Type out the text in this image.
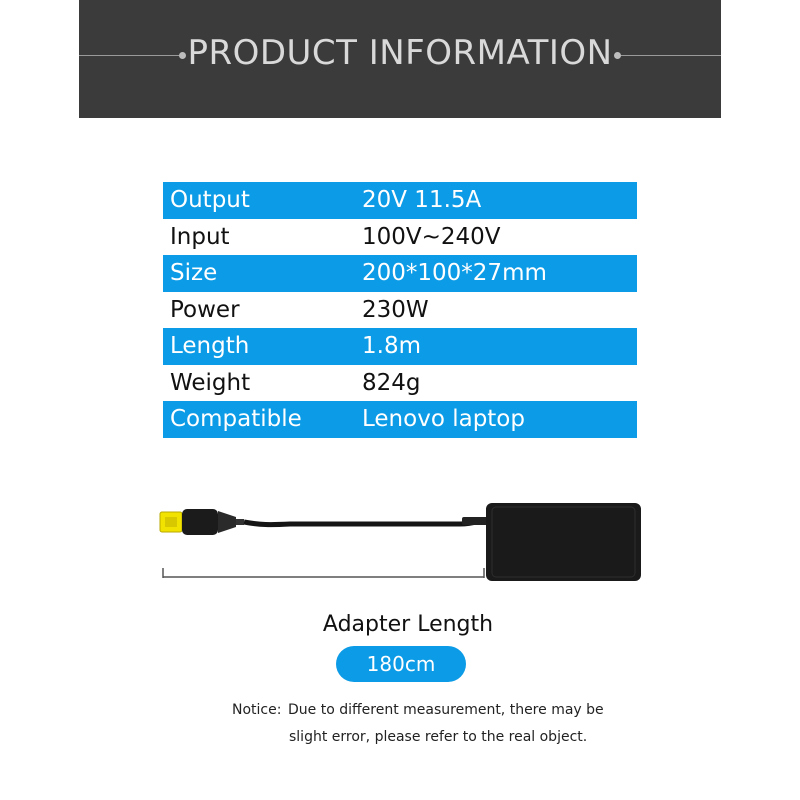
PRODUCT INFORMATION
Output	20V 11.5A
Input	100V~240V
Size	200*100*27mm
Power	230W
Length	1.8m
Weight	824g
Compatible	Lenovo laptop
Adapter Length
180cm
Notice: Due to different measurement, there may be
slight error, please refer to the real object.
